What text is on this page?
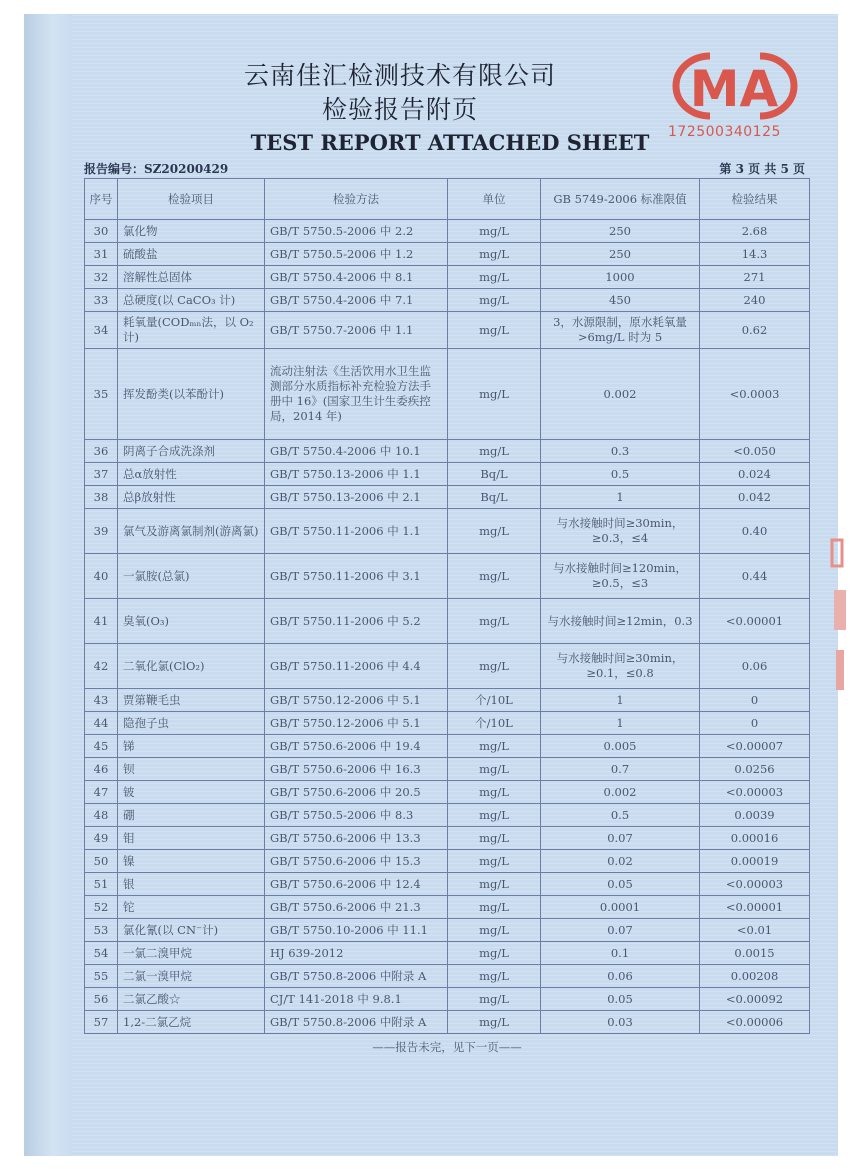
云南佳汇检测技术有限公司
检验报告附页
TEST REPORT ATTACHED SHEET
MA
172500340125
报告编号：SZ20200429	第 3 页 共 5 页
序号	检验项目	检验方法	单位	GB 5749-2006 标准限值	检验结果
30	氯化物	GB/T 5750.5-2006 中 2.2	mg/L	250	2.68
31	硫酸盐	GB/T 5750.5-2006 中 1.2	mg/L	250	14.3
32	溶解性总固体	GB/T 5750.4-2006 中 8.1	mg/L	1000	271
33	总硬度(以 CaCO₃ 计)	GB/T 5750.4-2006 中 7.1	mg/L	450	240
34	耗氧量(CODₘₙ法，以 O₂ 计)	GB/T 5750.7-2006 中 1.1	mg/L	3，水源限制，原水耗氧量>6mg/L 时为 5	0.62
35	挥发酚类(以苯酚计)	流动注射法《生活饮用水卫生监测部分水质指标补充检验方法手册中 16》(国家卫生计生委疾控局，2014 年)	mg/L	0.002	<0.0003
36	阴离子合成洗涤剂	GB/T 5750.4-2006 中 10.1	mg/L	0.3	<0.050
37	总α放射性	GB/T 5750.13-2006 中 1.1	Bq/L	0.5	0.024
38	总β放射性	GB/T 5750.13-2006 中 2.1	Bq/L	1	0.042
39	氯气及游离氯制剂(游离氯)	GB/T 5750.11-2006 中 1.1	mg/L	与水接触时间≥30min，≥0.3，≤4	0.40
40	一氯胺(总氯)	GB/T 5750.11-2006 中 3.1	mg/L	与水接触时间≥120min，≥0.5，≤3	0.44
41	臭氧(O₃)	GB/T 5750.11-2006 中 5.2	mg/L	与水接触时间≥12min，0.3	<0.00001
42	二氧化氯(ClO₂)	GB/T 5750.11-2006 中 4.4	mg/L	与水接触时间≥30min，≥0.1，≤0.8	0.06
43	贾第鞭毛虫	GB/T 5750.12-2006 中 5.1	个/10L	1	0
44	隐孢子虫	GB/T 5750.12-2006 中 5.1	个/10L	1	0
45	锑	GB/T 5750.6-2006 中 19.4	mg/L	0.005	<0.00007
46	钡	GB/T 5750.6-2006 中 16.3	mg/L	0.7	0.0256
47	铍	GB/T 5750.6-2006 中 20.5	mg/L	0.002	<0.00003
48	硼	GB/T 5750.5-2006 中 8.3	mg/L	0.5	0.0039
49	钼	GB/T 5750.6-2006 中 13.3	mg/L	0.07	0.00016
50	镍	GB/T 5750.6-2006 中 15.3	mg/L	0.02	0.00019
51	银	GB/T 5750.6-2006 中 12.4	mg/L	0.05	<0.00003
52	铊	GB/T 5750.6-2006 中 21.3	mg/L	0.0001	<0.00001
53	氯化氰(以 CN⁻计)	GB/T 5750.10-2006 中 11.1	mg/L	0.07	<0.01
54	一氯二溴甲烷	HJ 639-2012	mg/L	0.1	0.0015
55	二氯一溴甲烷	GB/T 5750.8-2006 中附录 A	mg/L	0.06	0.00208
56	二氯乙酸☆	CJ/T 141-2018 中 9.8.1	mg/L	0.05	<0.00092
57	1,2-二氯乙烷	GB/T 5750.8-2006 中附录 A	mg/L	0.03	<0.00006
——报告未完，见下一页——					
